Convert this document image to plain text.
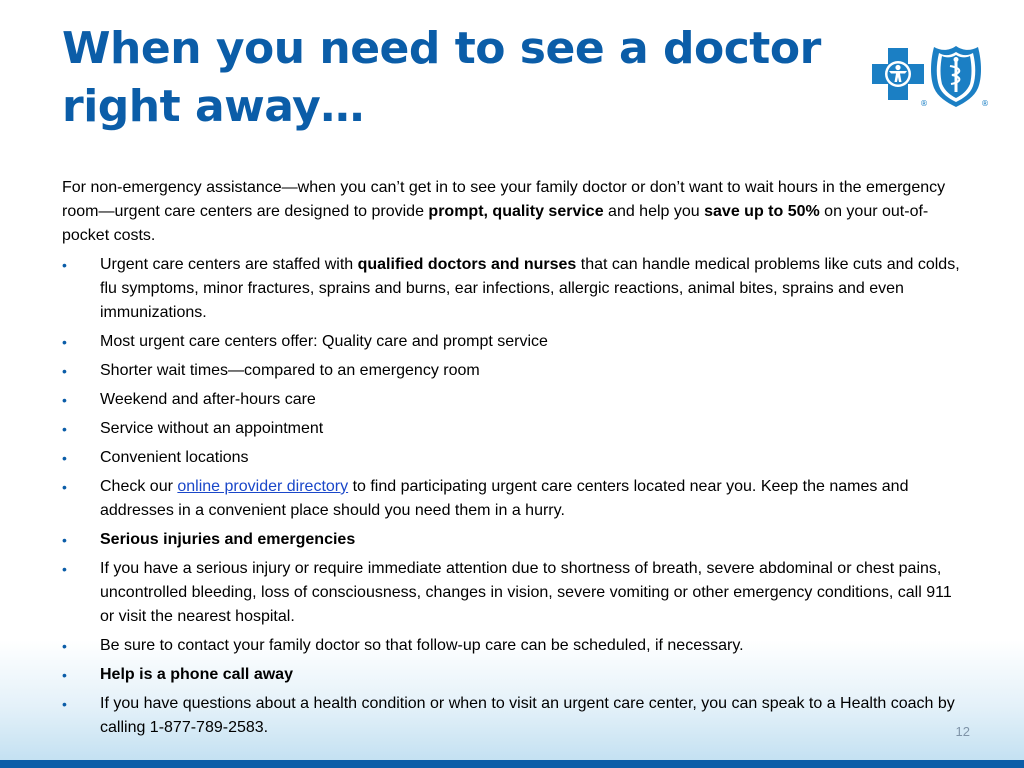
When you need to see a doctor
right away…	®	®

For non-emergency assistance—when you can’t get in to see your family doctor or don’t want to wait hours in the emergency room—urgent care centers are designed to provide prompt, quality service and help you save up to 50% on your out-of-pocket costs.

• Urgent care centers are staffed with qualified doctors and nurses that can handle medical problems like cuts and colds, flu symptoms, minor fractures, sprains and burns, ear infections, allergic reactions, animal bites, sprains and even immunizations.
• Most urgent care centers offer: Quality care and prompt service
• Shorter wait times—compared to an emergency room
• Weekend and after-hours care
• Service without an appointment
• Convenient locations
• Check our online provider directory to find participating urgent care centers located near you. Keep the names and addresses in a convenient place should you need them in a hurry.
• Serious injuries and emergencies
• If you have a serious injury or require immediate attention due to shortness of breath, severe abdominal or chest pains, uncontrolled bleeding, loss of consciousness, changes in vision, severe vomiting or other emergency conditions, call 911 or visit the nearest hospital.
• Be sure to contact your family doctor so that follow-up care can be scheduled, if necessary.
• Help is a phone call away
• If you have questions about a health condition or when to visit an urgent care center, you can speak to a Health coach by calling 1-877-789-2583.	12
